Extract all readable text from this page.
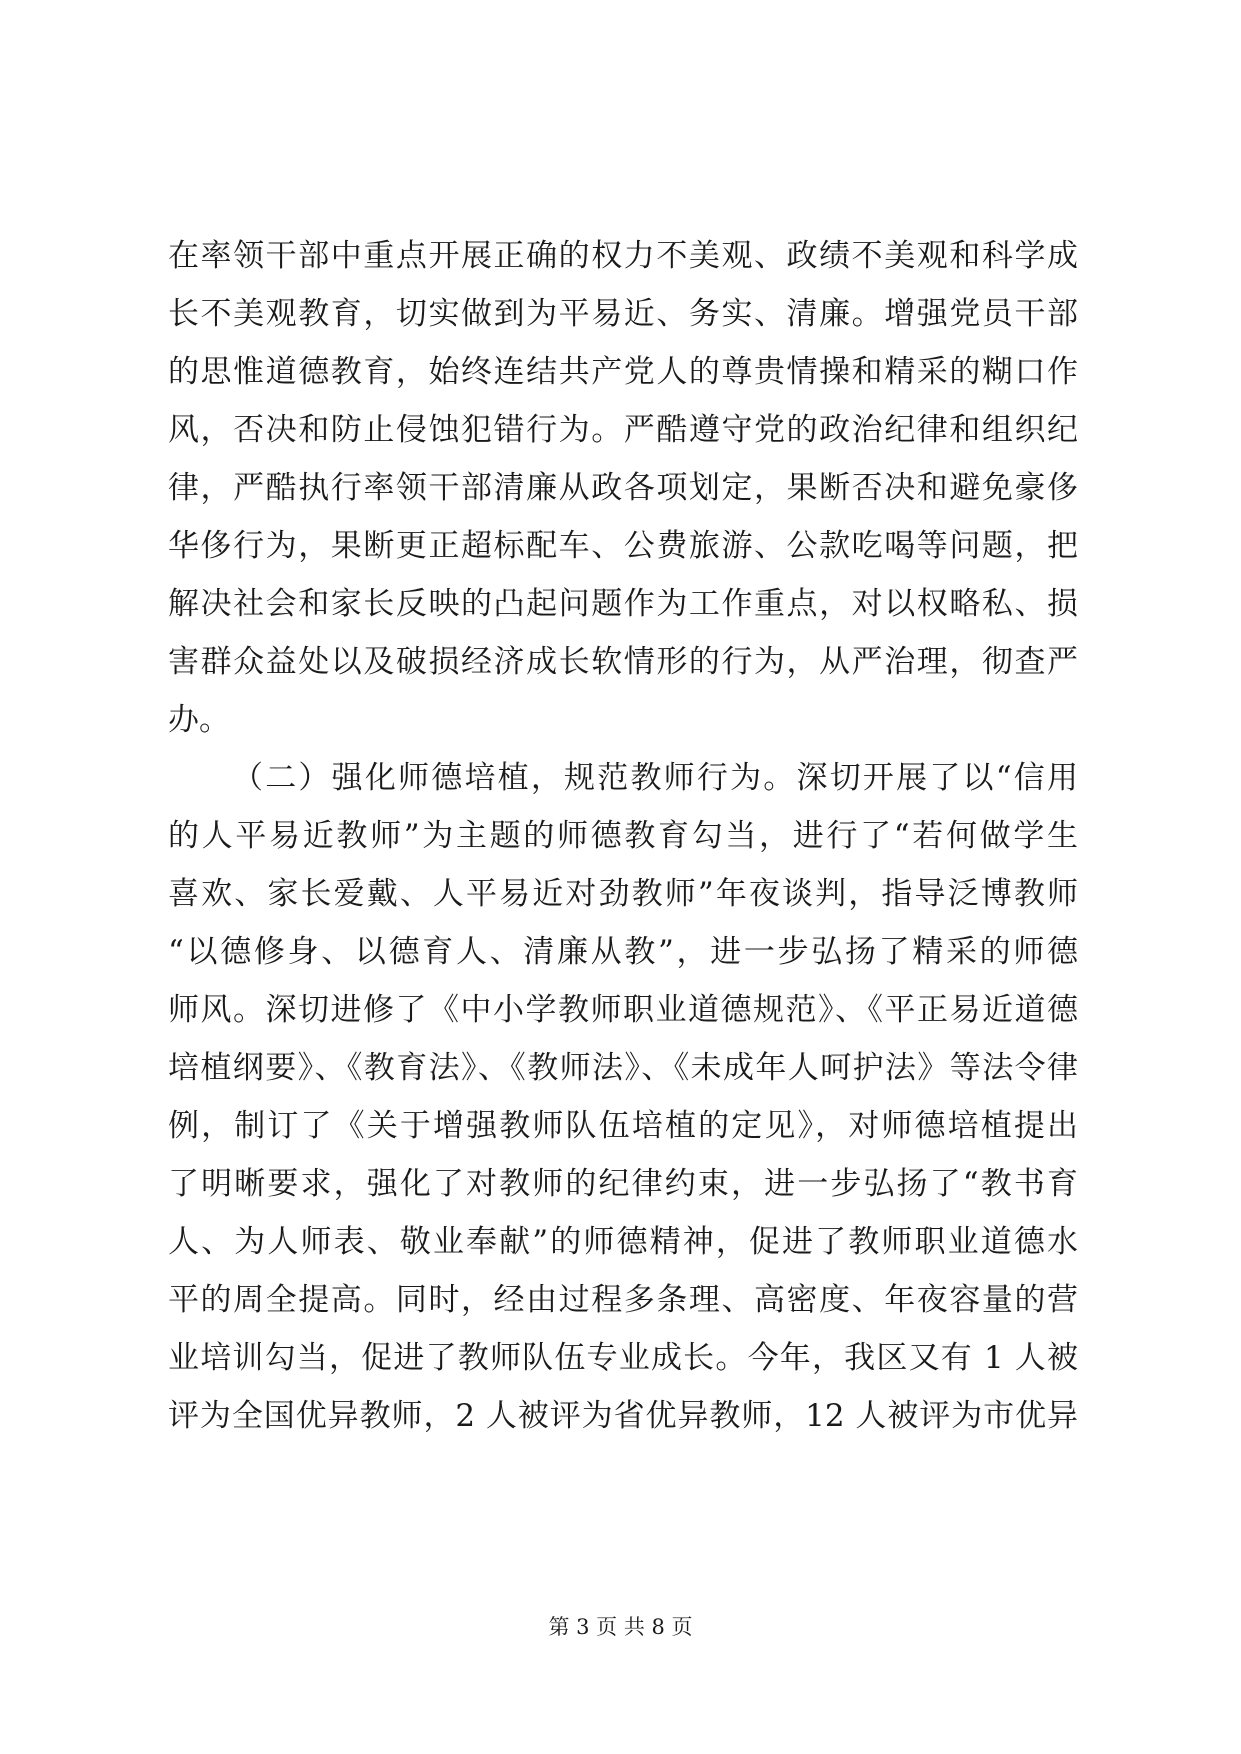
在率领干部中重点开展正确的权力不美观、政绩不美观和科学成
长不美观教育，切实做到为平易近、务实、清廉。增强党员干部
的思惟道德教育，始终连结共产党人的尊贵情操和精采的糊口作
风，否决和防止侵蚀犯错行为。严酷遵守党的政治纪律和组织纪
律，严酷执行率领干部清廉从政各项划定，果断否决和避免豪侈
华侈行为，果断更正超标配车、公费旅游、公款吃喝等问题，把
解决社会和家长反映的凸起问题作为工作重点，对以权略私、损
害群众益处以及破损经济成长软情形的行为，从严治理，彻查严
办。
（二）强化师德培植，规范教师行为。深切开展了以“信用
的人平易近教师”为主题的师德教育勾当，进行了“若何做学生
喜欢、家长爱戴、人平易近对劲教师”年夜谈判，指导泛博教师
“以德修身、以德育人、清廉从教”，进一步弘扬了精采的师德
师风。深切进修了《中小学教师职业道德规范》、《平正易近道德
培植纲要》、《教育法》、《教师法》、《未成年人呵护法》等法令律
例，制订了《关于增强教师队伍培植的定见》，对师德培植提出
了明晰要求，强化了对教师的纪律约束，进一步弘扬了“教书育
人、为人师表、敬业奉献”的师德精神，促进了教师职业道德水
平的周全提高。同时，经由过程多条理、高密度、年夜容量的营
业培训勾当，促进了教师队伍专业成长。今年，我区又有 1 人被
评为全国优异教师，2 人被评为省优异教师，12 人被评为市优异
第 3 页 共 8 页
